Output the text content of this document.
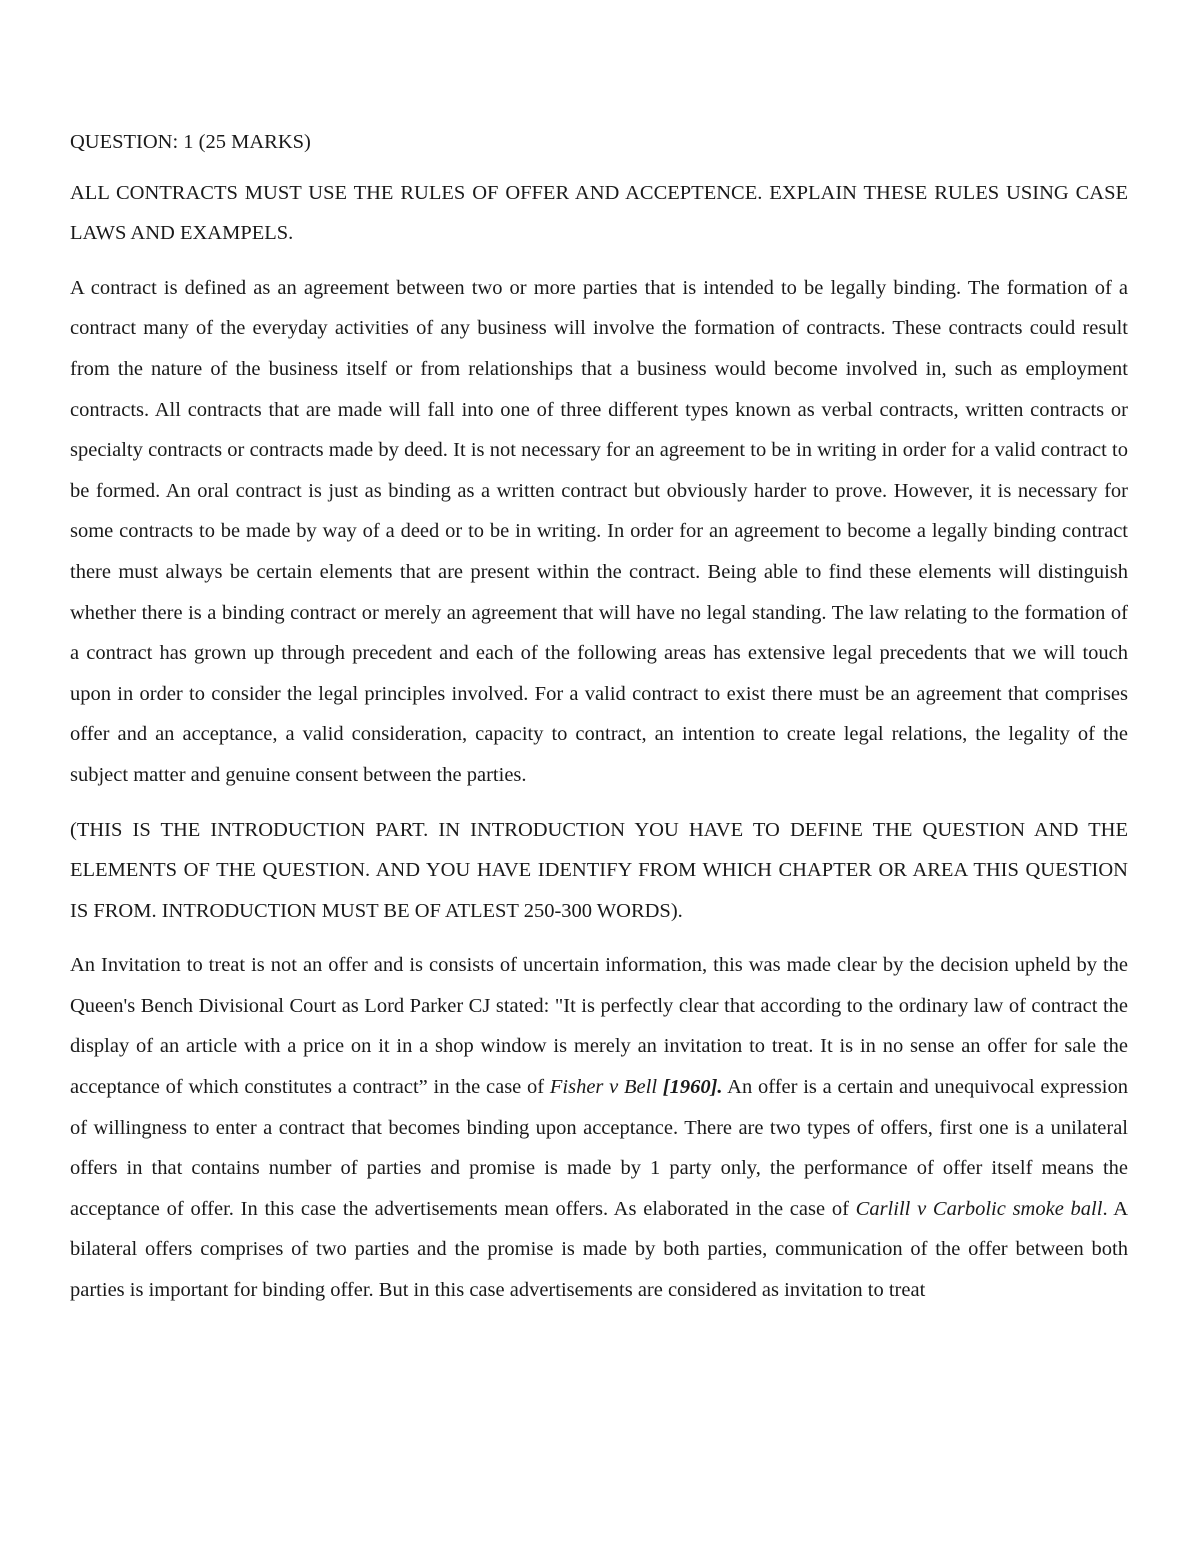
QUESTION: 1 (25 MARKS)

ALL CONTRACTS MUST USE THE RULES OF OFFER AND ACCEPTENCE. EXPLAIN THESE RULES USING CASE LAWS AND EXAMPELS.

A contract is defined as an agreement between two or more parties that is intended to be legally binding. The formation of a contract many of the everyday activities of any business will involve the formation of contracts. These contracts could result from the nature of the business itself or from relationships that a business would become involved in, such as employment contracts. All contracts that are made will fall into one of three different types known as verbal contracts, written contracts or specialty contracts or contracts made by deed. It is not necessary for an agreement to be in writing in order for a valid contract to be formed. An oral contract is just as binding as a written contract but obviously harder to prove. However, it is necessary for some contracts to be made by way of a deed or to be in writing. In order for an agreement to become a legally binding contract there must always be certain elements that are present within the contract. Being able to find these elements will distinguish whether there is a binding contract or merely an agreement that will have no legal standing. The law relating to the formation of a contract has grown up through precedent and each of the following areas has extensive legal precedents that we will touch upon in order to consider the legal principles involved. For a valid contract to exist there must be an agreement that comprises offer and an acceptance, a valid consideration, capacity to contract, an intention to create legal relations, the legality of the subject matter and genuine consent between the parties.

(THIS IS THE INTRODUCTION PART. IN INTRODUCTION YOU HAVE TO DEFINE THE QUESTION AND THE ELEMENTS OF THE QUESTION. AND YOU HAVE IDENTIFY FROM WHICH CHAPTER OR AREA THIS QUESTION IS FROM. INTRODUCTION MUST BE OF ATLEST 250-300 WORDS).

An Invitation to treat is not an offer and is consists of uncertain information, this was made clear by the decision upheld by the Queen's Bench Divisional Court as Lord Parker CJ stated: "It is perfectly clear that according to the ordinary law of contract the display of an article with a price on it in a shop window is merely an invitation to treat. It is in no sense an offer for sale the acceptance of which constitutes a contract” in the case of Fisher v Bell [1960]. An offer is a certain and unequivocal expression of willingness to enter a contract that becomes binding upon acceptance. There are two types of offers, first one is a unilateral offers in that contains number of parties and promise is made by 1 party only, the performance of offer itself means the acceptance of offer. In this case the advertisements mean offers. As elaborated in the case of Carlill v Carbolic smoke ball. A bilateral offers comprises of two parties and the promise is made by both parties, communication of the offer between both parties is important for binding offer. But in this case advertisements are considered as invitation to treat
